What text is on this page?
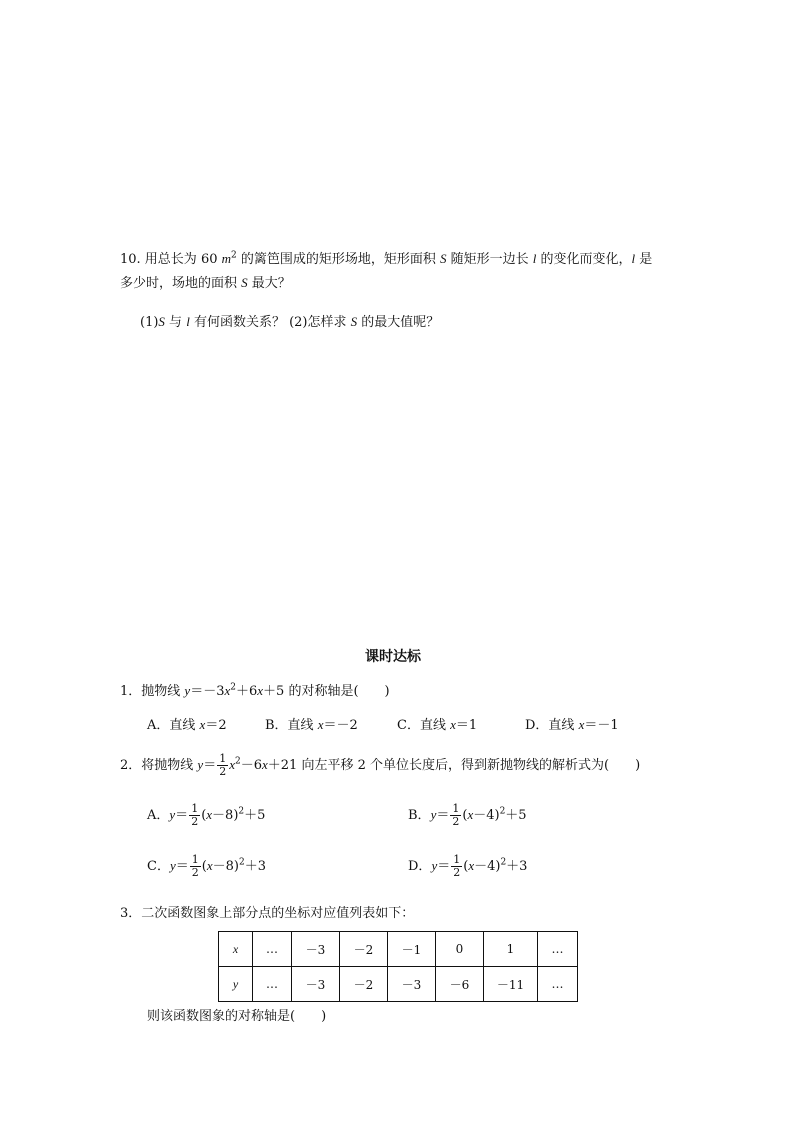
10. 用总长为 60 $m^2$ 的篱笆围成的矩形场地，矩形面积 S 随矩形一边长 l 的变化而变化，l 是
多少时，场地的面积 S 最大？
(1)S 与 l 有何函数关系？ (2)怎样求 S 的最大值呢？
课时达标
1．抛物线 $y=-3x^2+6x+5$ 的对称轴是(　　)
A．直线 x＝2	B．直线 x＝－2	C．直线 x＝1	D．直线 x＝－1
2．将抛物线 $y= \frac{1}{2} x^2-6x+21$ 向左平移 2 个单位长度后，得到新抛物线的解析式为(　　)
A．$y= \frac{1}{2} (x-8)^2+5$	B．$y= \frac{1}{2} (x-4)^2+5$
C．$y= \frac{1}{2} (x-8)^2+3$	D．$y= \frac{1}{2} (x-4)^2+3$
3．二次函数图象上部分点的坐标对应值列表如下：
x	…	－3	－2	－1	0	1	…
y	…	－3	－2	－3	－6	－11	…
则该函数图象的对称轴是(　　)
